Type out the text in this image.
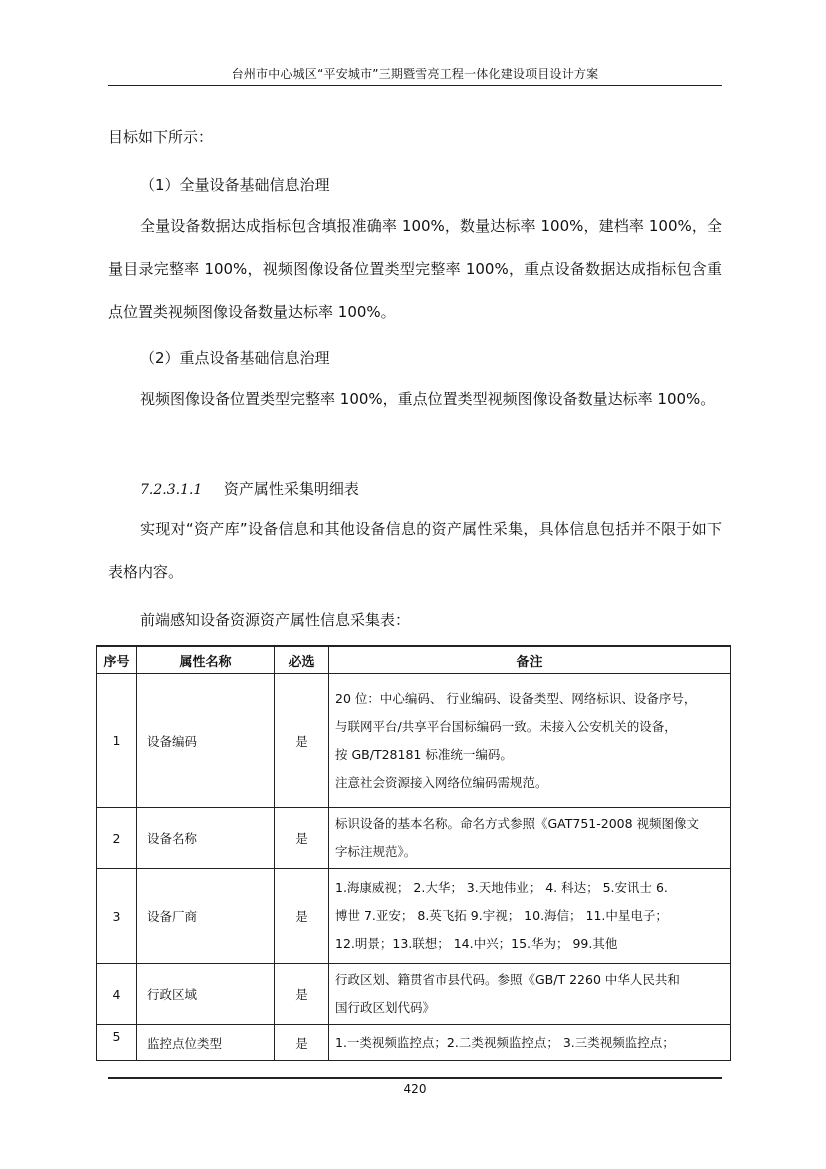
台州市中心城区“平安城市”三期暨雪亮工程一体化建设项目设计方案

目标如下所示：

（1）全量设备基础信息治理

全量设备数据达成指标包含填报准确率 100%，数量达标率 100%，建档率 100%，全量目录完整率 100%，视频图像设备位置类型完整率 100%，重点设备数据达成指标包含重点位置类视频图像设备数量达标率 100%。

（2）重点设备基础信息治理

视频图像设备位置类型完整率 100%，重点位置类型视频图像设备数量达标率 100%。

7.2.3.1.1 资产属性采集明细表

实现对“资产库”设备信息和其他设备信息的资产属性采集，具体信息包括并不限于如下表格内容。

前端感知设备资源资产属性信息采集表：
序号	属性名称	必选	备注
1	设备编码	是	20 位：中心编码、 行业编码、设备类型、网络标识、设备序号，
与联网平台/共享平台国标编码一致。未接入公安机关的设备，
按 GB/T28181 标准统一编码。
注意社会资源接入网络位编码需规范。

2	设备名称	是	标识设备的基本名称。命名方式参照《GAT751-2008 视频图像文
字标注规范》。

3	设备厂商	是	1.海康威视； 2.大华； 3.天地伟业； 4. 科达； 5.安讯士 6.
博世 7.亚安； 8.英飞拓 9.宇视； 10.海信； 11.中星电子；
12.明景；13.联想； 14.中兴；15.华为； 99.其他

4	行政区域	是	行政区划、籍贯省市县代码。参照《GB/T 2260 中华人民共和
国行政区划代码》

5	监控点位类型	是	1.一类视频监控点；2.二类视频监控点； 3.三类视频监控点；
420
